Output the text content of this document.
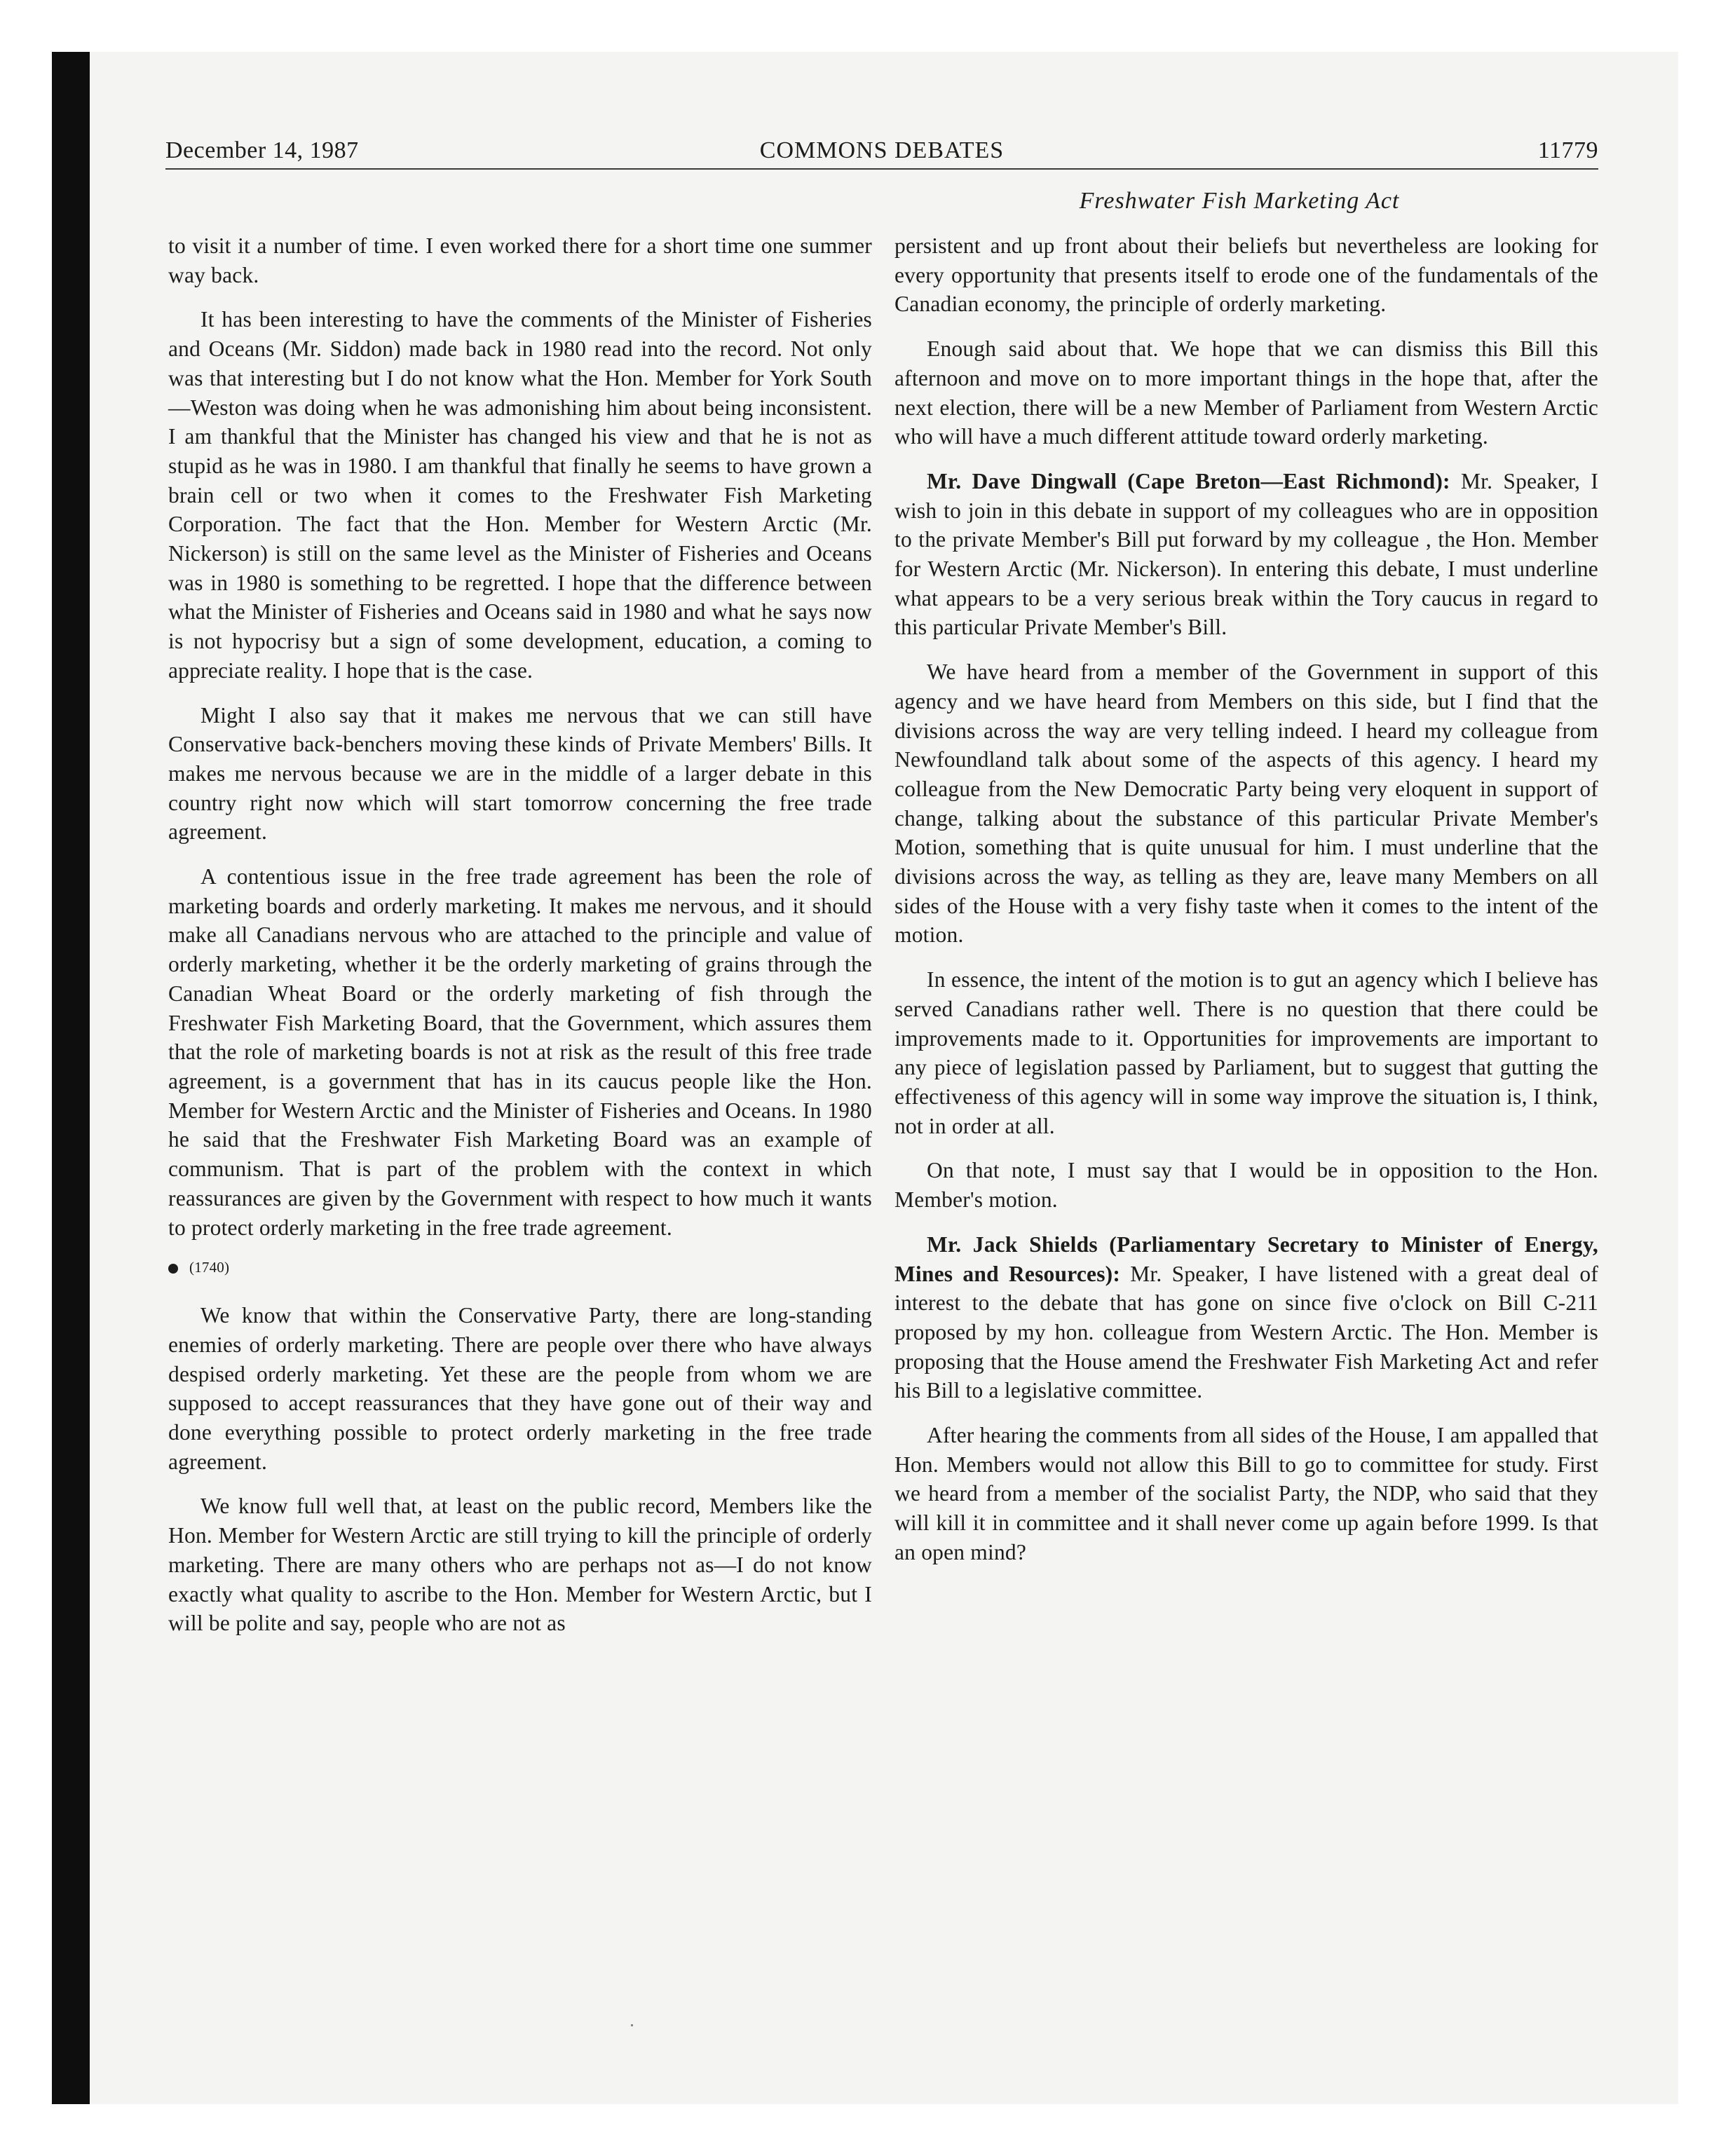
December 14, 1987	COMMONS DEBATES	11779
Freshwater Fish Marketing Act

to visit it a number of time. I even worked there for a short time one summer way back.

It has been interesting to have the comments of the Minister of Fisheries and Oceans (Mr. Siddon) made back in 1980 read into the record. Not only was that interesting but I do not know what the Hon. Member for York South—Weston was doing when he was admonishing him about being inconsistent. I am thankful that the Minister has changed his view and that he is not as stupid as he was in 1980. I am thankful that finally he seems to have grown a brain cell or two when it comes to the Freshwater Fish Marketing Corporation. The fact that the Hon. Member for Western Arctic (Mr. Nickerson) is still on the same level as the Minister of Fisheries and Oceans was in 1980 is something to be regretted. I hope that the difference between what the Minister of Fisheries and Oceans said in 1980 and what he says now is not hypocrisy but a sign of some development, education, a coming to appreciate reality. I hope that is the case.

Might I also say that it makes me nervous that we can still have Conservative back-benchers moving these kinds of Private Members' Bills. It makes me nervous because we are in the middle of a larger debate in this country right now which will start tomorrow concerning the free trade agreement.

A contentious issue in the free trade agreement has been the role of marketing boards and orderly marketing. It makes me nervous, and it should make all Canadians nervous who are attached to the principle and value of orderly marketing, whether it be the orderly marketing of grains through the Canadian Wheat Board or the orderly marketing of fish through the Freshwater Fish Marketing Board, that the Government, which assures them that the role of marketing boards is not at risk as the result of this free trade agreement, is a government that has in its caucus people like the Hon. Member for Western Arctic and the Minister of Fisheries and Oceans. In 1980 he said that the Freshwater Fish Marketing Board was an example of communism. That is part of the problem with the context in which reassurances are given by the Government with respect to how much it wants to protect orderly marketing in the free trade agreement.

(1740)

We know that within the Conservative Party, there are long-standing enemies of orderly marketing. There are people over there who have always despised orderly marketing. Yet these are the people from whom we are supposed to accept reassurances that they have gone out of their way and done everything possible to protect orderly marketing in the free trade agreement.

We know full well that, at least on the public record, Members like the Hon. Member for Western Arctic are still trying to kill the principle of orderly marketing. There are many others who are perhaps not as—I do not know exactly what quality to ascribe to the Hon. Member for Western Arctic, but I will be polite and say, people who are not as

persistent and up front about their beliefs but nevertheless are looking for every opportunity that presents itself to erode one of the fundamentals of the Canadian economy, the principle of orderly marketing.

Enough said about that. We hope that we can dismiss this Bill this afternoon and move on to more important things in the hope that, after the next election, there will be a new Member of Parliament from Western Arctic who will have a much different attitude toward orderly marketing.

Mr. Dave Dingwall (Cape Breton—East Richmond): Mr. Speaker, I wish to join in this debate in support of my colleagues who are in opposition to the private Member's Bill put forward by my colleague , the Hon. Member for Western Arctic (Mr. Nickerson). In entering this debate, I must underline what appears to be a very serious break within the Tory caucus in regard to this particular Private Member's Bill.

We have heard from a member of the Government in support of this agency and we have heard from Members on this side, but I find that the divisions across the way are very telling indeed. I heard my colleague from Newfoundland talk about some of the aspects of this agency. I heard my colleague from the New Democratic Party being very eloquent in support of change, talking about the substance of this particular Private Member's Motion, something that is quite unusual for him. I must underline that the divisions across the way, as telling as they are, leave many Members on all sides of the House with a very fishy taste when it comes to the intent of the motion.

In essence, the intent of the motion is to gut an agency which I believe has served Canadians rather well. There is no question that there could be improvements made to it. Opportunities for improvements are important to any piece of legislation passed by Parliament, but to suggest that gutting the effectiveness of this agency will in some way improve the situation is, I think, not in order at all.

On that note, I must say that I would be in opposition to the Hon. Member's motion.

Mr. Jack Shields (Parliamentary Secretary to Minister of Energy, Mines and Resources): Mr. Speaker, I have listened with a great deal of interest to the debate that has gone on since five o'clock on Bill C-211 proposed by my hon. colleague from Western Arctic. The Hon. Member is proposing that the House amend the Freshwater Fish Marketing Act and refer his Bill to a legislative committee.

After hearing the comments from all sides of the House, I am appalled that Hon. Members would not allow this Bill to go to committee for study. First we heard from a member of the socialist Party, the NDP, who said that they will kill it in committee and it shall never come up again before 1999. Is that an open mind?
